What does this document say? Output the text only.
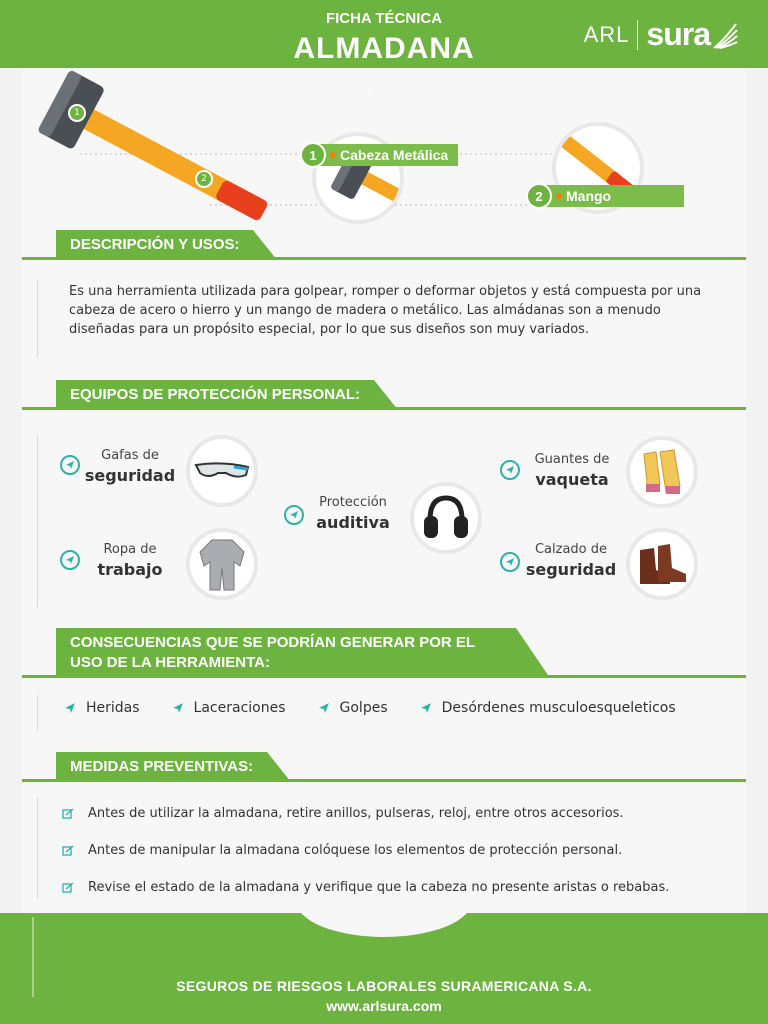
FICHA TÉCNICA
ALMADANA	ARL sura
1
2
1	Cabeza Metálica
2	Mango
DESCRIPCIÓN Y USOS:
Es una herramienta utilizada para golpear, romper o deformar objetos y está compuesta por una cabeza de acero o hierro y un mango de madera o metálico. Las almádanas son a menudo diseñadas para un propósito especial, por lo que sus diseños son muy variados.
EQUIPOS DE PROTECCIÓN PERSONAL:
Gafas de
seguridad
Ropa de
trabajo
Protección
auditiva
Guantes de
vaqueta
Calzado de
seguridad
CONSECUENCIAS QUE SE PODRÍAN GENERAR POR EL USO DE LA HERRAMIENTA:
Heridas	Laceraciones	Golpes	Desórdenes musculoesqueleticos
MEDIDAS PREVENTIVAS:
Antes de utilizar la almadana, retire anillos, pulseras, reloj, entre otros accesorios.
Antes de manipular la almadana colóquese los elementos de protección personal.
Revise el estado de la almadana y verifique que la cabeza no presente aristas o rebabas.
SEGUROS DE RIESGOS LABORALES SURAMERICANA S.A.
www.arlsura.com
